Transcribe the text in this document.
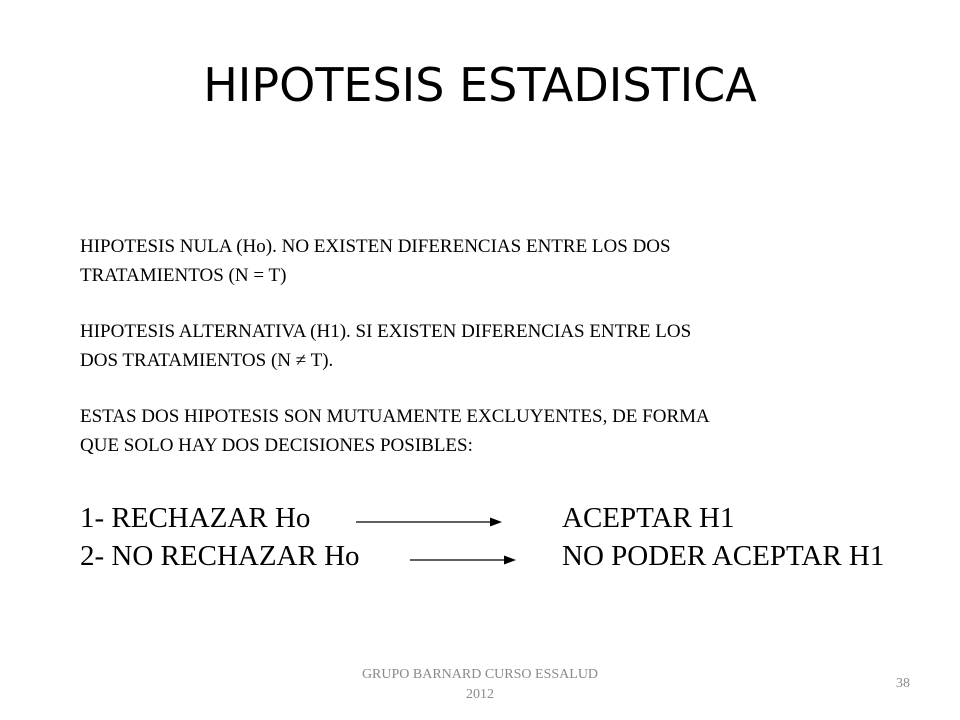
HIPOTESIS ESTADISTICA
HIPOTESIS NULA (Ho). NO EXISTEN DIFERENCIAS ENTRE LOS DOS
TRATAMIENTOS (N = T)
HIPOTESIS ALTERNATIVA (H1). SI EXISTEN DIFERENCIAS ENTRE LOS
DOS TRATAMIENTOS (N ≠ T).
ESTAS DOS HIPOTESIS SON MUTUAMENTE EXCLUYENTES, DE FORMA
QUE SOLO HAY DOS DECISIONES POSIBLES:
1- RECHAZAR Ho	ACEPTAR H1
2- NO RECHAZAR Ho	NO PODER ACEPTAR H1
GRUPO BARNARD CURSO ESSALUD
2012
38
